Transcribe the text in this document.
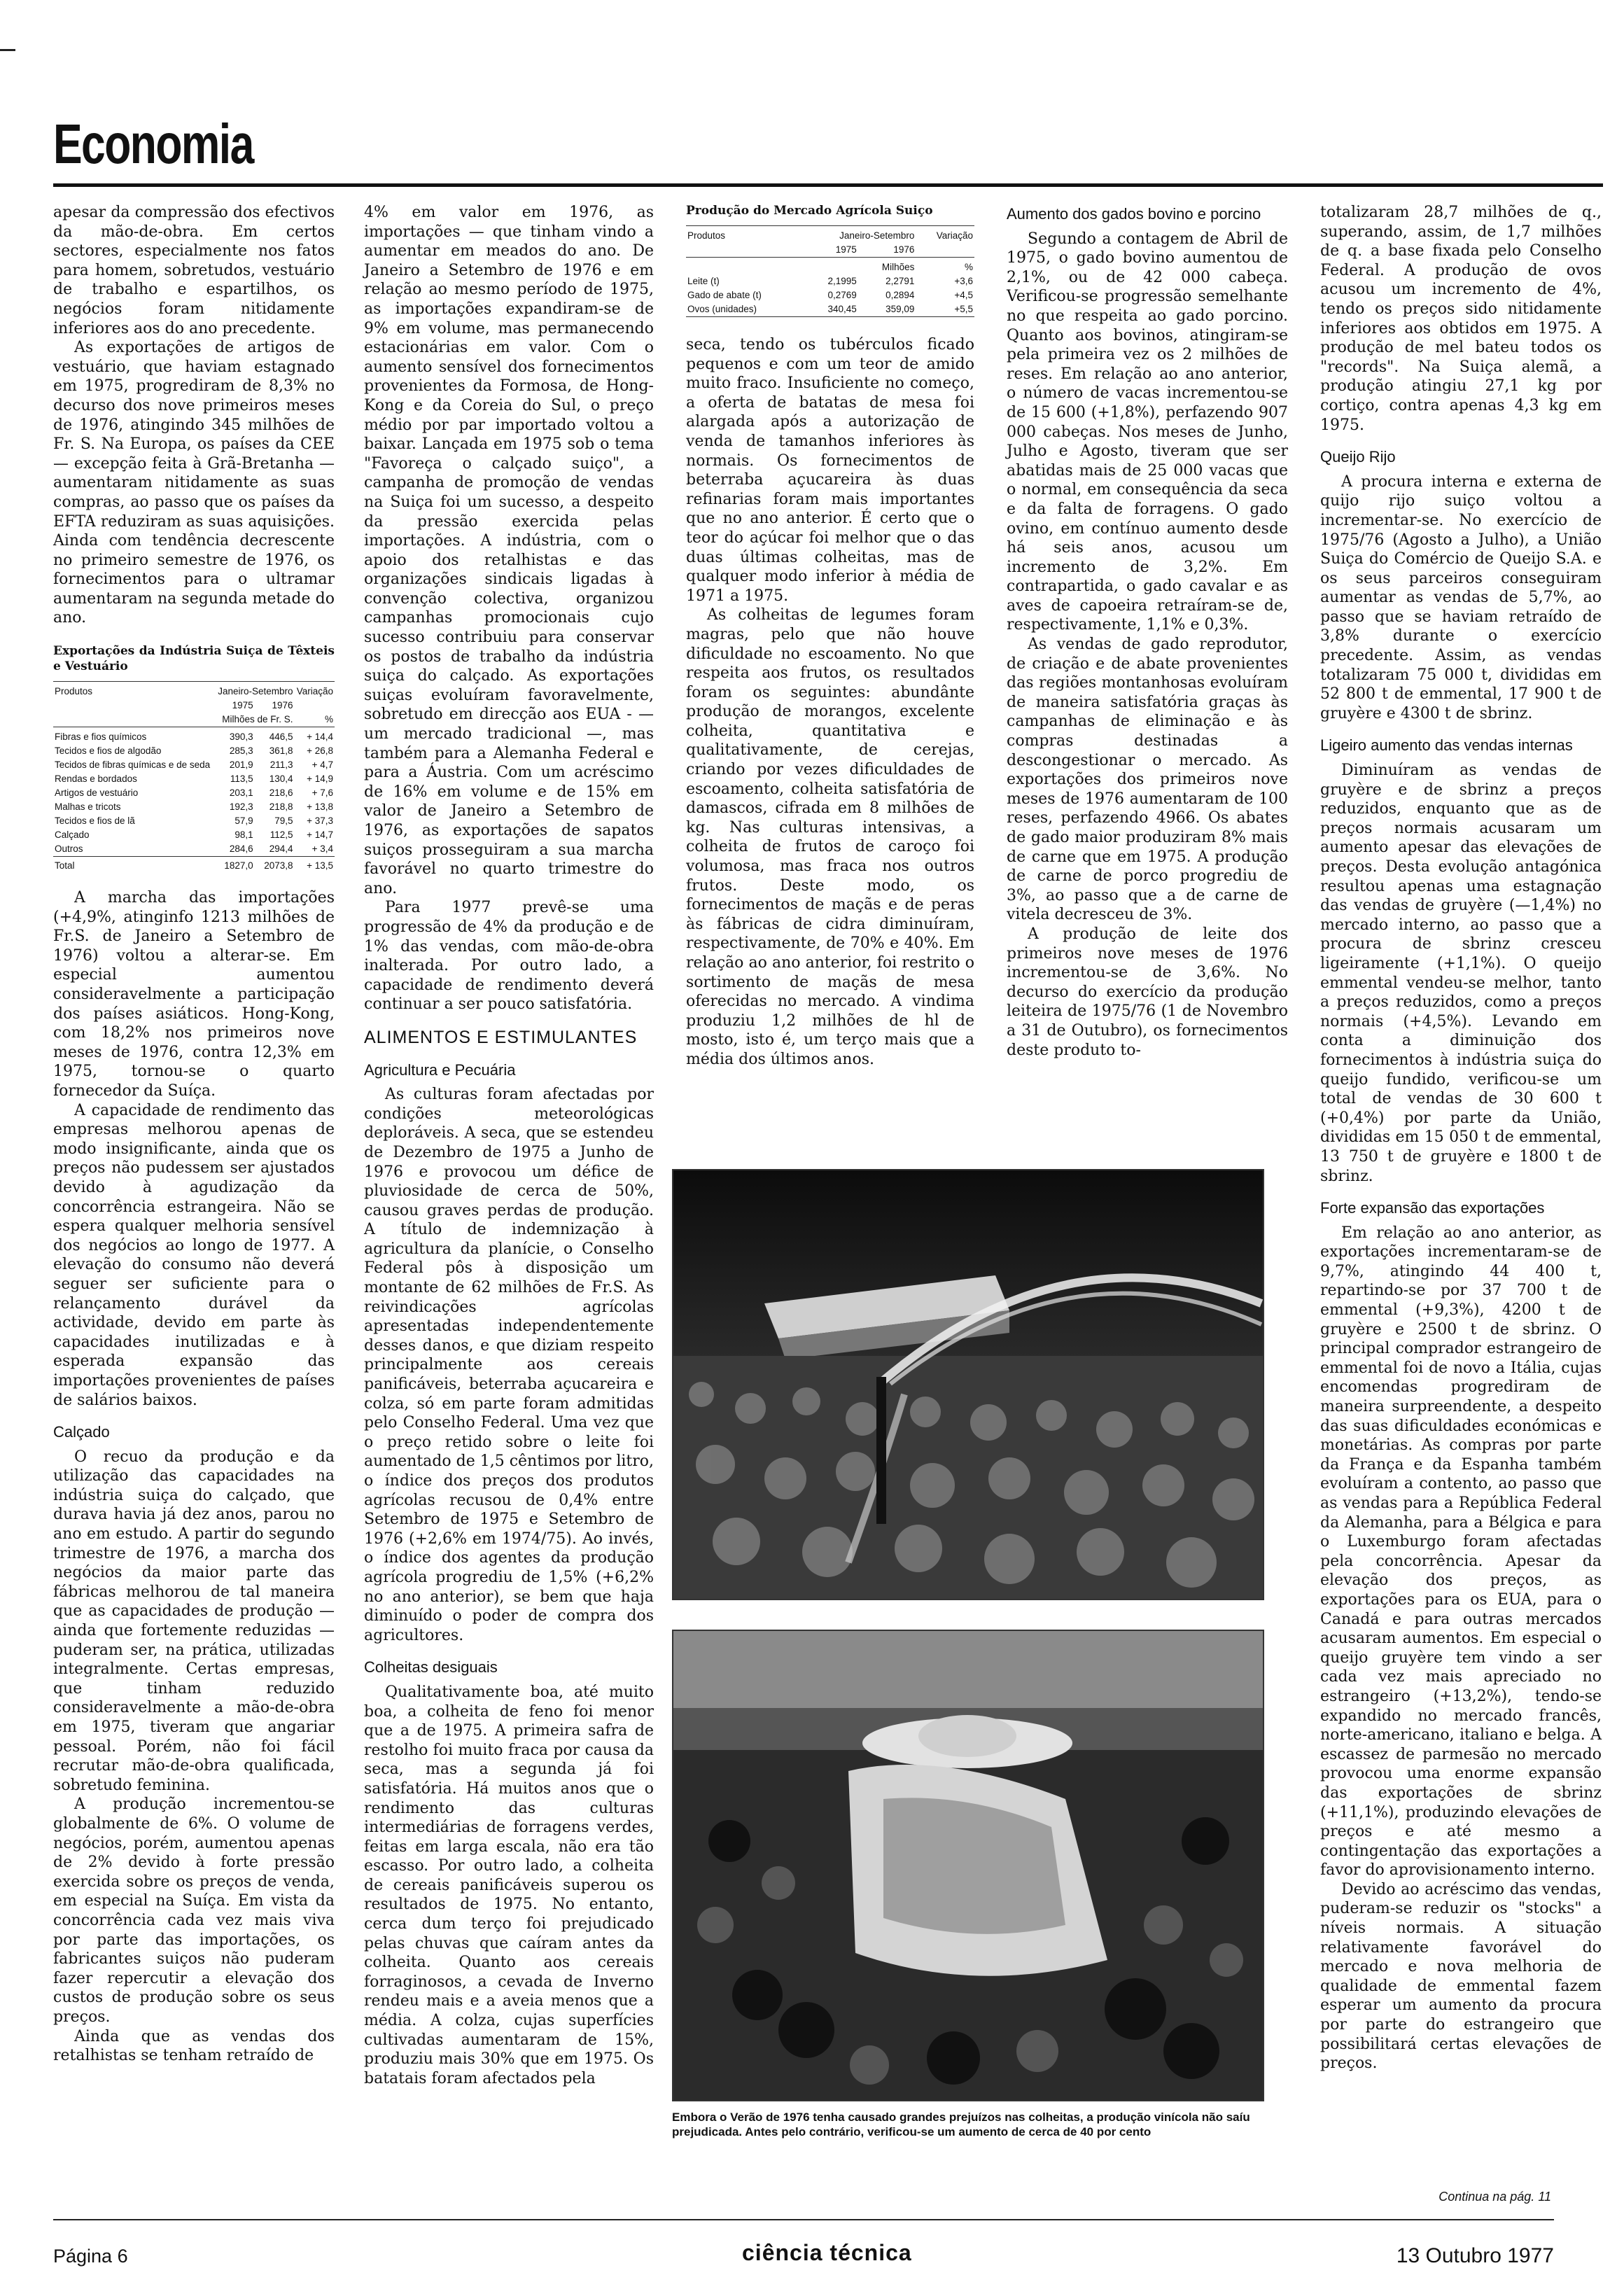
Economia

apesar da compressão dos efectivos da mão-de-obra. Em certos sectores, especialmente nos fatos para homem, sobretudos, vestuário de trabalho e espartilhos, os negócios foram nitidamente inferiores aos do ano precedente.

As exportações de artigos de vestuário, que haviam estagnado em 1975, progrediram de 8,3% no decurso dos nove primeiros meses de 1976, atingindo 345 milhões de Fr. S. Na Europa, os países da CEE — excepção feita à Grã-Bretanha — aumentaram nitidamente as suas compras, ao passo que os países da EFTA reduziram as suas aquisições. Ainda com tendência decrescente no primeiro semestre de 1976, os fornecimentos para o ultramar aumentaram na segunda metade do ano.

Exportações da Indústria Suiça de Têxteis e Vestuário

Produtos	Janeiro-Setembro		Variação
	1975	1976	
	Milhões de Fr. S.		%

Fibras e fios químicos	390,3	446,5	+ 14,4
Tecidos e fios de algodão	285,3	361,8	+ 26,8
Tecidos de fibras químicas e de seda	201,9	211,3	+ 4,7
Rendas e bordados	113,5	130,4	+ 14,9
Artigos de vestuário	203,1	218,6	+ 7,6
Malhas e tricots	192,3	218,8	+ 13,8
Tecidos e fios de lã	57,9	79,5	+ 37,3
Calçado	98,1	112,5	+ 14,7
Outros	284,6	294,4	+ 3,4
Total	1827,0	2073,8	+ 13,5

A marcha das importações (+4,9%, atinginfo 1213 milhões de Fr.S. de Janeiro a Setembro de 1976) voltou a alterar-se. Em especial aumentou consideravelmente a participação dos países asiáticos. Hong-Kong, com 18,2% nos primeiros nove meses de 1976, contra 12,3% em 1975, tornou-se o quarto fornecedor da Suíça.

A capacidade de rendimento das empresas melhorou apenas de modo insignificante, ainda que os preços não pudessem ser ajustados devido à agudização da concorrência estrangeira. Não se espera qualquer melhoria sensível dos negócios ao longo de 1977. A elevação do consumo não deverá seguer ser suficiente para o relançamento durável da actividade, devido em parte às capacidades inutilizadas e à esperada expansão das importações provenientes de países de salários baixos.

Calçado

O recuo da produção e da utilização das capacidades na indústria suiça do calçado, que durava havia já dez anos, parou no ano em estudo. A partir do segundo trimestre de 1976, a marcha dos negócios da maior parte das fábricas melhorou de tal maneira que as capacidades de produção — ainda que fortemente reduzidas — puderam ser, na prática, utilizadas integralmente. Certas empresas, que tinham reduzido consideravelmente a mão-de-obra em 1975, tiveram que angariar pessoal. Porém, não foi fácil recrutar mão-de-obra qualificada, sobretudo feminina.

A produção incrementou-se globalmente de 6%. O volume de negócios, porém, aumentou apenas de 2% devido à forte pressão exercida sobre os preços de venda, em especial na Suíça. Em vista da concorrência cada vez mais viva por parte das importações, os fabricantes suiços não puderam fazer repercutir a elevação dos custos de produção sobre os seus preços.

Ainda que as vendas dos retalhistas se tenham retraído de

4% em valor em 1976, as importações — que tinham vindo a aumentar em meados do ano. De Janeiro a Setembro de 1976 e em relação ao mesmo período de 1975, as importações expandiram-se de 9% em volume, mas permanecendo estacionárias em valor. Com o aumento sensível dos fornecimentos provenientes da Formosa, de Hong-Kong e da Coreia do Sul, o preço médio por par importado voltou a baixar. Lançada em 1975 sob o tema "Favoreça o calçado suiço", a campanha de promoção de vendas na Suiça foi um sucesso, a despeito da pressão exercida pelas importações. A indústria, com o apoio dos retalhistas e das organizações sindicais ligadas à convenção colectiva, organizou campanhas promocionais cujo sucesso contribuiu para conservar os postos de trabalho da indústria suiça do calçado. As exportações suiças evoluíram favoravelmente, sobretudo em direcção aos EUA - — um mercado tradicional —, mas também para a Alemanha Federal e para a Áustria. Com um acréscimo de 16% em volume e de 15% em valor de Janeiro a Setembro de 1976, as exportações de sapatos suiços prosseguiram a sua marcha favorável no quarto trimestre do ano.

Para 1977 prevê-se uma progressão de 4% da produção e de 1% das vendas, com mão-de-obra inalterada. Por outro lado, a capacidade de rendimento deverá continuar a ser pouco satisfatória.

ALIMENTOS E ESTIMULANTES
Agricultura e Pecuária

As culturas foram afectadas por condições meteorológicas deploráveis. A seca, que se estendeu de Dezembro de 1975 a Junho de 1976 e provocou um défice de pluviosidade de cerca de 50%, causou graves perdas de produção. A título de indemnização à agricultura da planície, o Conselho Federal pôs à disposição um montante de 62 milhões de Fr.S. As reivindicações agrícolas apresentadas independentemente desses danos, e que diziam respeito principalmente aos cereais panificáveis, beterraba açucareira e colza, só em parte foram admitidas pelo Conselho Federal. Uma vez que o preço retido sobre o leite foi aumentado de 1,5 cêntimos por litro, o índice dos preços dos produtos agrícolas recusou de 0,4% entre Setembro de 1975 e Setembro de 1976 (+2,6% em 1974/75). Ao invés, o índice dos agentes da produção agrícola progrediu de 1,5% (+6,2% no ano anterior), se bem que haja diminuído o poder de compra dos agricultores.

Colheitas desiguais

Qualitativamente boa, até muito boa, a colheita de feno foi menor que a de 1975. A primeira safra de restolho foi muito fraca por causa da seca, mas a segunda já foi satisfatória. Há muitos anos que o rendimento das culturas intermediárias de forragens verdes, feitas em larga escala, não era tão escasso. Por outro lado, a colheita de cereais panificáveis superou os resultados de 1975. No entanto, cerca dum terço foi prejudicado pelas chuvas que caíram antes da colheita. Quanto aos cereais forraginosos, a cevada de Inverno rendeu mais e a aveia menos que a média. A colza, cujas superfícies cultivadas aumentaram de 15%, produziu mais 30% que em 1975. Os batatais foram afectados pela

Produção do Mercado Agrícola Suiço

Produtos	Janeiro-Setembro		Variação
	1975	1976	

	Milhões		%
Leite (t)	2,1995	2,2791	+3,6
Gado de abate (t)	0,2769	0,2894	+4,5
Ovos (unidades)	340,45	359,09	+5,5

seca, tendo os tubérculos ficado pequenos e com um teor de amido muito fraco. Insuficiente no começo, a oferta de batatas de mesa foi alargada após a autorização de venda de tamanhos inferiores às normais. Os fornecimentos de beterraba açucareira às duas refinarias foram mais importantes que no ano anterior. É certo que o teor do açúcar foi melhor que o das duas últimas colheitas, mas de qualquer modo inferior à média de 1971 a 1975.

As colheitas de legumes foram magras, pelo que não houve dificuldade no escoamento. No que respeita aos frutos, os resultados foram os seguintes: abundânte produção de morangos, excelente colheita, quantitativa e qualitativamente, de cerejas, criando por vezes dificuldades de escoamento, colheita satisfatória de damascos, cifrada em 8 milhões de kg. Nas culturas intensivas, a colheita de frutos de caroço foi volumosa, mas fraca nos outros frutos. Deste modo, os fornecimentos de maçãs e de peras às fábricas de cidra diminuíram, respectivamente, de 70% e 40%. Em relação ao ano anterior, foi restrito o sortimento de maçãs de mesa oferecidas no mercado. A vindima produziu 1,2 milhões de hl de mosto, isto é, um terço mais que a média dos últimos anos.

Aumento dos gados bovino e porcino

Segundo a contagem de Abril de 1975, o gado bovino aumentou de 2,1%, ou de 42 000 cabeça. Verificou-se progressão semelhante no que respeita ao gado porcino. Quanto aos bovinos, atingiram-se pela primeira vez os 2 milhões de reses. Em relação ao ano anterior, o número de vacas incrementou-se de 15 600 (+1,8%), perfazendo 907 000 cabeças. Nos meses de Junho, Julho e Agosto, tiveram que ser abatidas mais de 25 000 vacas que o normal, em consequência da seca e da falta de forragens. O gado ovino, em contínuo aumento desde há seis anos, acusou um incremento de 3,2%. Em contrapartida, o gado cavalar e as aves de capoeira retraíram-se de, respectivamente, 1,1% e 0,3%.

As vendas de gado reprodutor, de criação e de abate provenientes das regiões montanhosas evoluíram de maneira satisfatória graças às campanhas de eliminação e às compras destinadas a descongestionar o mercado. As exportações dos primeiros nove meses de 1976 aumentaram de 100 reses, perfazendo 4966. Os abates de gado maior produziram 8% mais de carne que em 1975. A produção de carne de porco progrediu de 3%, ao passo que a de carne de vitela decresceu de 3%.

A produção de leite dos primeiros nove meses de 1976 incrementou-se de 3,6%. No decurso do exercício da produção leiteira de 1975/76 (1 de Novembro a 31 de Outubro), os fornecimentos deste produto to-

totalizaram 28,7 milhões de q., superando, assim, de 1,7 milhões de q. a base fixada pelo Conselho Federal. A produção de ovos acusou um incremento de 4%, tendo os preços sido nitidamente inferiores aos obtidos em 1975. A produção de mel bateu todos os "records". Na Suiça alemã, a produção atingiu 27,1 kg por cortiço, contra apenas 4,3 kg em 1975.

Queijo Rijo

A procura interna e externa de quijo rijo suiço voltou a incrementar-se. No exercício de 1975/76 (Agosto a Julho), a União Suiça do Comércio de Queijo S.A. e os seus parceiros conseguiram aumentar as vendas de 5,7%, ao passo que se haviam retraído de 3,8% durante o exercício precedente. Assim, as vendas totalizaram 75 000 t, divididas em 52 800 t de emmental, 17 900 t de gruyère e 4300 t de sbrinz.

Ligeiro aumento das vendas internas

Diminuíram as vendas de gruyère e de sbrinz a preços reduzidos, enquanto que as de preços normais acusaram um aumento apesar das elevações de preços. Desta evolução antagónica resultou apenas uma estagnação das vendas de gruyère (—1,4%) no mercado interno, ao passo que a procura de sbrinz cresceu ligeiramente (+1,1%). O queijo emmental vendeu-se melhor, tanto a preços reduzidos, como a preços normais (+4,5%). Levando em conta a diminuição dos fornecimentos à indústria suiça do queijo fundido, verificou-se um total de vendas de 30 600 t (+0,4%) por parte da União, divididas em 15 050 t de emmental, 13 750 t de gruyère e 1800 t de sbrinz.

Forte expansão das exportações

Em relação ao ano anterior, as exportações incrementaram-se de 9,7%, atingindo 44 400 t, repartindo-se por 37 700 t de emmental (+9,3%), 4200 t de gruyère e 2500 t de sbrinz. O principal comprador estrangeiro de emmental foi de novo a Itália, cujas encomendas progrediram de maneira surpreendente, a despeito das suas dificuldades económicas e monetárias. As compras por parte da França e da Espanha também evoluíram a contento, ao passo que as vendas para a República Federal da Alemanha, para a Bélgica e para o Luxemburgo foram afectadas pela concorrência. Apesar da elevação dos preços, as exportações para os EUA, para o Canadá e para outras mercados acusaram aumentos. Em especial o queijo gruyère tem vindo a ser cada vez mais apreciado no estrangeiro (+13,2%), tendo-se expandido no mercado francês, norte-americano, italiano e belga. A escassez de parmesão no mercado provocou uma enorme expansão das exportações de sbrinz (+11,1%), produzindo elevações de preços e até mesmo a contingentação das exportações a favor do aprovisionamento interno.

Devido ao acréscimo das vendas, puderam-se reduzir os "stocks" a níveis normais. A situação relativamente favorável do mercado e nova melhoria de qualidade de emmental fazem esperar um aumento da procura por parte do estrangeiro que possibilitará certas elevações de preços.

Embora o Verão de 1976 tenha causado grandes prejuízos nas colheitas, a produção vinícola não saíu prejudicada. Antes pelo contrário, verificou-se um aumento de cerca de 40 por cento
Continua na pág. 11
Página 6	ciência técnica	13 Outubro 1977
